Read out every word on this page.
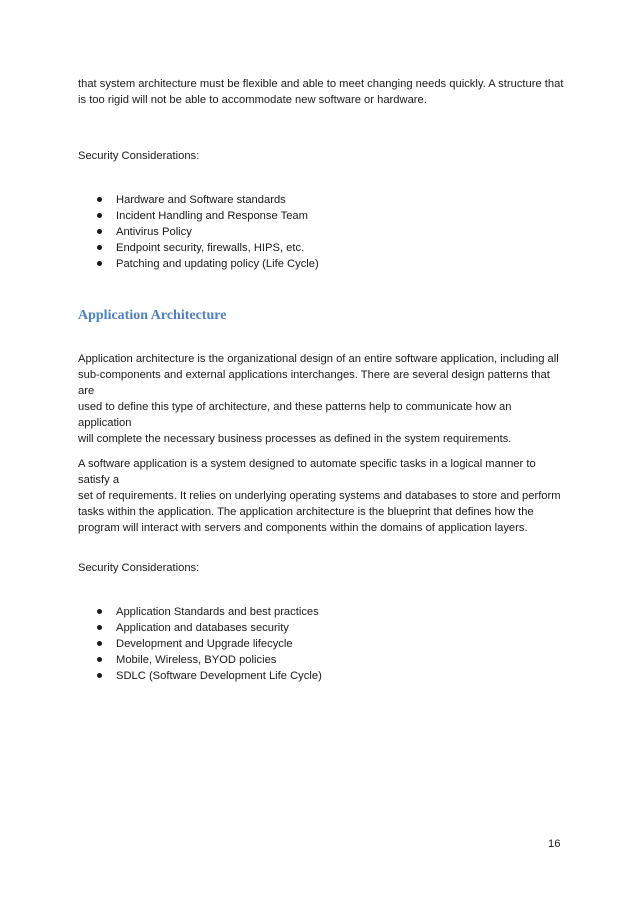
that system architecture must be flexible and able to meet changing needs quickly. A structure that
is too rigid will not be able to accommodate new software or hardware.

Security Considerations:

Hardware and Software standards
Incident Handling and Response Team
Antivirus Policy
Endpoint security, firewalls, HIPS, etc.
Patching and updating policy (Life Cycle)
Application Architecture

Application architecture is the organizational design of an entire software application, including all
sub-components and external applications interchanges. There are several design patterns that are
used to define this type of architecture, and these patterns help to communicate how an application
will complete the necessary business processes as defined in the system requirements.

A software application is a system designed to automate specific tasks in a logical manner to satisfy a
set of requirements. It relies on underlying operating systems and databases to store and perform
tasks within the application. The application architecture is the blueprint that defines how the
program will interact with servers and components within the domains of application layers.

Security Considerations:

Application Standards and best practices
Application and databases security
Development and Upgrade lifecycle
Mobile, Wireless, BYOD policies
SDLC (Software Development Life Cycle)
16
